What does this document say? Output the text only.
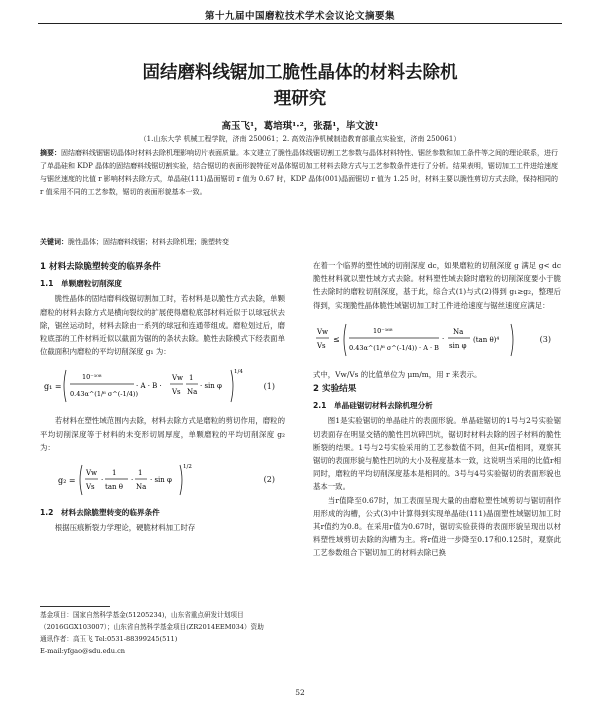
第十九届中国磨粒技术学术会议论文摘要集
固结磨料线锯加工脆性晶体的材料去除机
理研究
高玉飞¹，葛培琪¹·²，张磊¹，毕文波¹
（1.山东大学 机械工程学院，济南 250061；2. 高效洁净机械制造教育部重点实验室，济南 250061）
摘要：固结磨料线锯锯切晶体时材料去除机理影响切片表面质量。本文建立了脆性晶体线锯切割工艺参数与晶体材料特性、锯丝参数和加工条件等之间的理论联系，进行了单晶硅和 KDP 晶体的固结磨料线锯切割实验，结合锯切的表面形貌特征对晶体锯切加工材料去除方式与工艺参数条件进行了分析。结果表明，锯切加工工件进给速度与锯丝速度的比值 r 影响材料去除方式，单晶硅(111)晶面锯切 r 值为 0.67 时，KDP 晶体(001)晶面锯切 r 值为 1.25 时，材料主要以脆性剪切方式去除，保持相同的 r 值采用不同的工艺参数，锯切的表面形貌基本一致。
关键词：脆性晶体；固结磨料线锯；材料去除机理；脆塑转变
1 材料去除脆塑转变的临界条件
1.1　单颗磨粒切削深度

脆性晶体的固结磨料线锯切割加工时，若材料是以脆性方式去除，单颗磨粒的材料去除方式是横向裂纹的扩展使得磨粒底部材料近似于以球冠状去除，锯丝运动时，材料去除由一系列的球冠和连通带组成。磨粒划过后，磨粒底部的工件材料近似以截面为锯的的条状去除。脆性去除模式下经表面单位截面积内磨粒的平均切削深度 g₁ 为：

g₁ =
10⁻¹⁰⁸
0.43α^(1/⁶ σ^(-1/4))
· A · B ·
Vw
Vs
1
Na
· sin φ
1/4
(1)

若材料在塑性域范围内去除，材料去除方式是磨粒的剪切作用，磨粒的平均切削深度等于材料的未变形切屑厚度，单颗磨粒的平均切削深度 g₂ 为：

g₂ =
Vw
Vs
·
1
tan θ
·
1
Na
· sin φ
1/2
(2)
1.2　材料去除脆塑转变的临界条件

根据压痕断裂力学理论，硬脆材料加工时存

在着一个临界的塑性域的切削深度 dc，如果磨粒的切削深度 g 满足 g< dc 脆性材料就以塑性域方式去除。材料塑性域去除时磨粒的切削深度要小于脆性去除时的磨粒切削深度，基于此，综合式(1)与式(2)得到 g₁≥g₂，整理后得到，实现脆性晶体脆性域锯切加工时工件进给速度与锯丝速度应满足：

Vw
Vs
≤
10⁻¹⁶⁸
0.43α^(1/⁶ σ^(-1/4)) · A · B
·
Na
sin φ
(tan θ)⁴	(3)

式中，Vw/Vs 的比值单位为 μm/m，用 r 来表示。

2 实验结果
2.1　单晶硅锯切材料去除机理分析

图1是实验锯切的单晶硅片的表面形貌。单晶硅锯切的1号与2号实验锯切表面存在明显交错的脆性凹坑碎凹坑，锯切时材料去除的因子材料的脆性断裂的结果。1号与2号实验采用的工艺参数值不同，但其r值相同，观察其锯切的表面形貌与脆性凹坑的大小及程度基本一致，这说明当采用的比值r相同时，磨粒的平均切削深度基本是相同的。3号与4号实验锯切的表面形貌也基本一致。

当r值降至0.67时，加工表面呈现大量的由磨粒塑性域剪切与锯切削作用形成的沟槽，公式(3)中计算得到实现单晶硅(111)晶面塑性域锯切加工时其r值约为0.8。在采用r值为0.67时，锯切实验获得的表面形貌呈现出以材料塑性域剪切去除的沟槽为主。将r值进一步降至0.17和0.125时，观察此工艺参数组合下锯切加工的材料去除已换

基金项目：国家自然科学基金(51205234)，山东省重点研发计划项目（2016GGX103007）；山东省自然科学基金项目(ZR2014EEM034）资助
通讯作者：高玉飞 Tel:0531-88399245(511)
E-mail:yfgao@sdu.edu.cn
52
